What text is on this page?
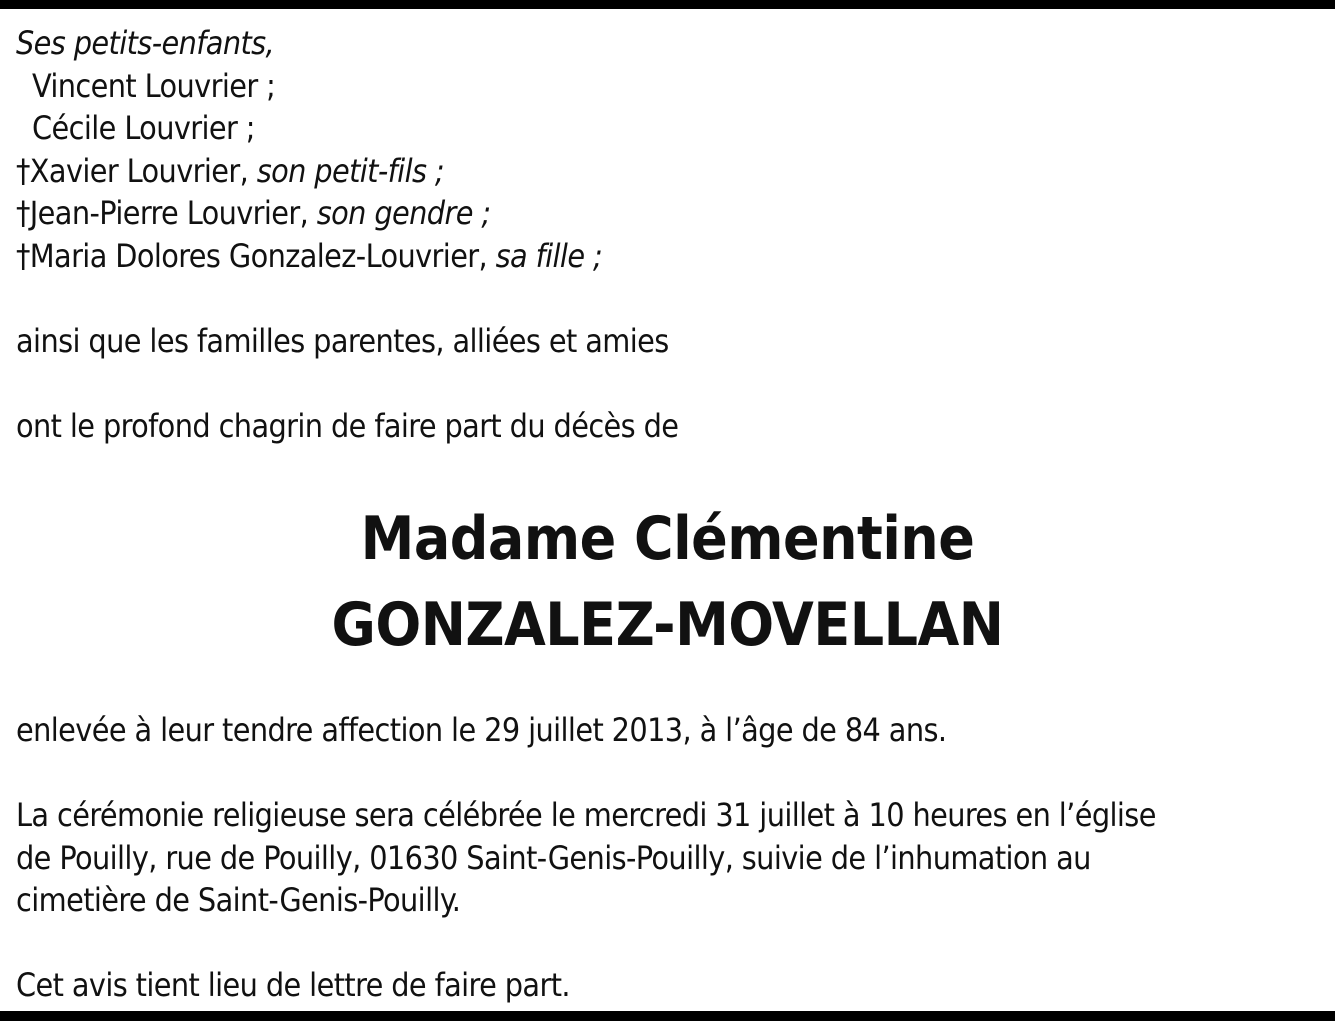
Ses petits-enfants,
Vincent Louvrier ;
Cécile Louvrier ;
†Xavier Louvrier, son petit-fils ;
†Jean-Pierre Louvrier, son gendre ;
†Maria Dolores Gonzalez-Louvrier, sa fille ;
ainsi que les familles parentes, alliées et amies
ont le profond chagrin de faire part du décès de
Madame Clémentine
GONZALEZ-MOVELLAN
enlevée à leur tendre affection le 29 juillet 2013, à l’âge de 84 ans.
La cérémonie religieuse sera célébrée le mercredi 31 juillet à 10 heures en l’église
de Pouilly, rue de Pouilly, 01630 Saint-Genis-Pouilly, suivie de l’inhumation au
cimetière de Saint-Genis-Pouilly.
Cet avis tient lieu de lettre de faire part.
